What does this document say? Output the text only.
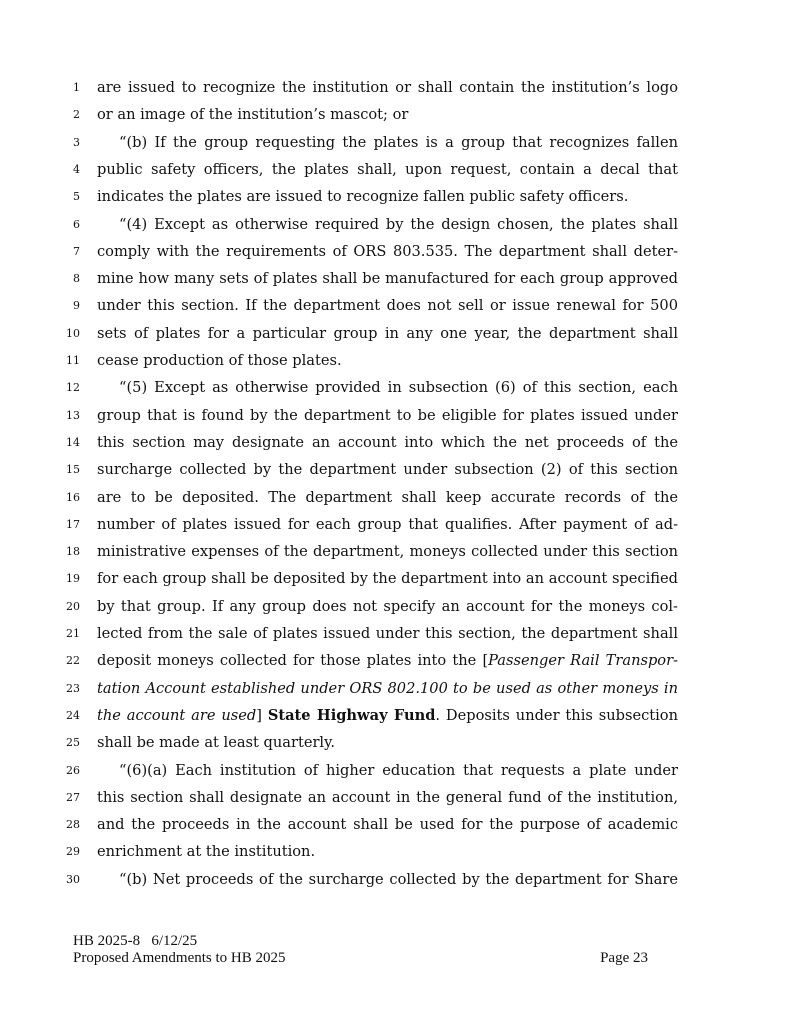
1 are issued to recognize the institution or shall contain the institution’s logo
2 or an image of the institution’s mascot; or
3	“(b) If the group requesting the plates is a group that recognizes fallen
4 public safety officers, the plates shall, upon request, contain a decal that
5 indicates the plates are issued to recognize fallen public safety officers.
6	“(4) Except as otherwise required by the design chosen, the plates shall
7 comply with the requirements of ORS 803.535. The department shall deter-
8 mine how many sets of plates shall be manufactured for each group approved
9 under this section. If the department does not sell or issue renewal for 500
10 sets of plates for a particular group in any one year, the department shall
11 cease production of those plates.
12	“(5) Except as otherwise provided in subsection (6) of this section, each
13 group that is found by the department to be eligible for plates issued under
14 this section may designate an account into which the net proceeds of the
15 surcharge collected by the department under subsection (2) of this section
16 are to be deposited. The department shall keep accurate records of the
17 number of plates issued for each group that qualifies. After payment of ad-
18 ministrative expenses of the department, moneys collected under this section
19 for each group shall be deposited by the department into an account specified
20 by that group. If any group does not specify an account for the moneys col-
21 lected from the sale of plates issued under this section, the department shall
22 deposit moneys collected for those plates into the [Passenger Rail Transpor-
23 tation Account established under ORS 802.100 to be used as other moneys in
24 the account are used] State Highway Fund. Deposits under this subsection
25 shall be made at least quarterly.
26	“(6)(a) Each institution of higher education that requests a plate under
27 this section shall designate an account in the general fund of the institution,
28 and the proceeds in the account shall be used for the purpose of academic
29 enrichment at the institution.
30	“(b) Net proceeds of the surcharge collected by the department for Share
HB 2025-8   6/12/25
Proposed Amendments to HB 2025	Page 23
